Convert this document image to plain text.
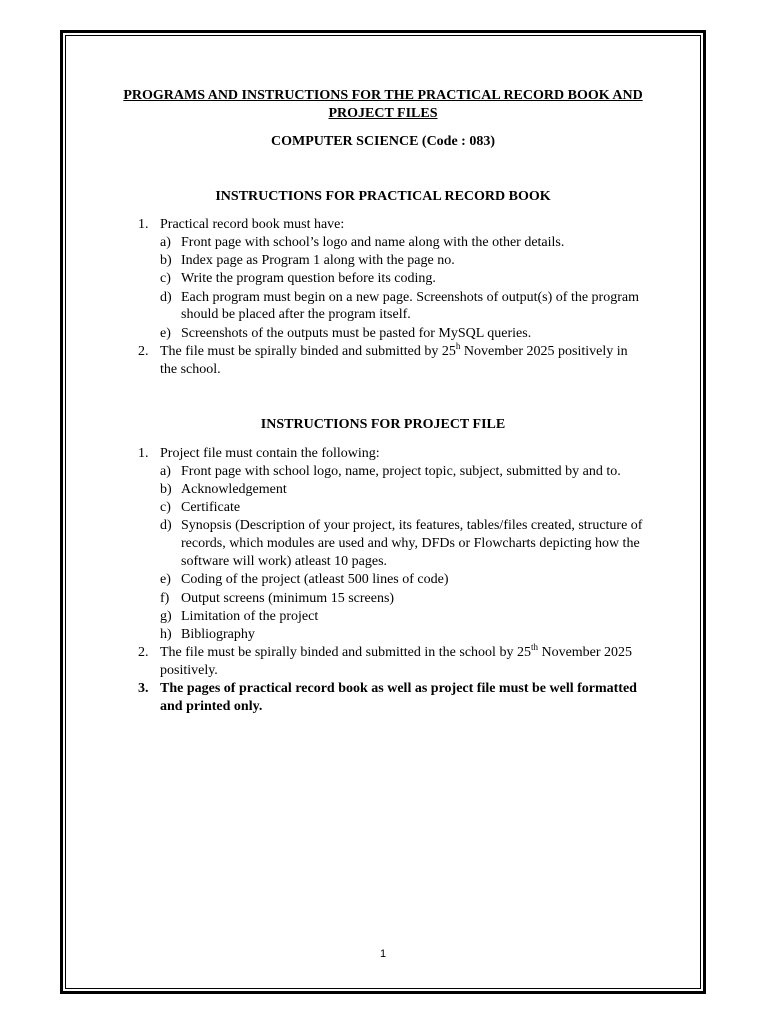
PROGRAMS AND INSTRUCTIONS FOR THE PRACTICAL RECORD BOOK AND
PROJECT FILES
COMPUTER SCIENCE (Code : 083)
INSTRUCTIONS FOR PRACTICAL RECORD BOOK
1. Practical record book must have:
a) Front page with school’s logo and name along with the other details.
b) Index page as Program 1 along with the page no.
c) Write the program question before its coding.
d) Each program must begin on a new page. Screenshots of output(s) of the program
should be placed after the program itself.
e) Screenshots of the outputs must be pasted for MySQL queries.
2. The file must be spirally binded and submitted by 25$^h$ November 2025 positively in
the school.
INSTRUCTIONS FOR PROJECT FILE
1. Project file must contain the following:
a) Front page with school logo, name, project topic, subject, submitted by and to.
b) Acknowledgement
c) Certificate
d) Synopsis (Description of your project, its features, tables/files created, structure of
records, which modules are used and why, DFDs or Flowcharts depicting how the
software will work) atleast 10 pages.
e) Coding of the project (atleast 500 lines of code)
f) Output screens (minimum 15 screens)
g) Limitation of the project
h) Bibliography
2. The file must be spirally binded and submitted in the school by 25th November 2025
positively.
3. The pages of practical record book as well as project file must be well formatted
and printed only.
1
